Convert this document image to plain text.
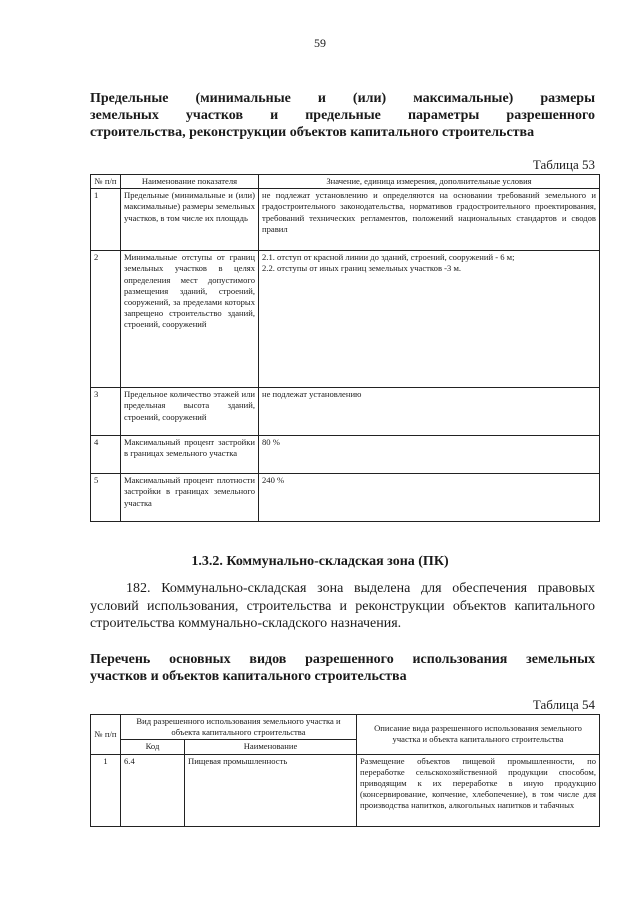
59
Предельные (минимальные и (или) максимальные) размеры
земельных участков и предельные параметры разрешенного
строительства, реконструкции объектов капитального строительства
Таблица 53
№ п/п	Наименование показателя	Значение, единица измерения, дополнительные условия
1	Предельные (минимальные и (или) максимальные) размеры земельных участков, в том числе их площадь	не подлежат установлению и определяются на основании требований земельного и градостроительного законодательства, нормативов градостроительного проектирования, требований технических регламентов, положений национальных стандартов и сводов правил
2	Минимальные отступы от границ земельных участков в целях определения мест допустимого размещения зданий, строений, сооружений, за пределами которых запрещено строительство зданий, строений, сооружений	2.1. отступ от красной линии до зданий, строений, сооружений - 6 м;
2.2. отступы от иных границ земельных участков -3 м.

3	Предельное количество этажей или предельная высота зданий, строений, сооружений	не подлежат установлению
4	Максимальный процент застройки в границах земельного участка	80 %
5	Максимальный процент плотности застройки в границах земельного участка	240 %
1.3.2. Коммунально-складская зона (ПК)
182. Коммунально-складская зона выделена для обеспечения правовых условий использования, строительства и реконструкции объектов капитального строительства коммунально-складского назначения.
Перечень основных видов разрешенного использования земельных
участков и объектов капитального строительства
Таблица 54
№ п/п	Вид разрешенного использования земельного участка и объекта капитального строительства		Описание вида разрешенного использования земельного участка и объекта капитального строительства
	Код	Наименование	
1	6.4	Пищевая промышленность	Размещение объектов пищевой промышленности, по переработке сельскохозяйственной продукции способом, приводящим к их переработке в иную продукцию (консервирование, копчение, хлебопечение), в том числе для производства напитков, алкогольных напитков и табачных
